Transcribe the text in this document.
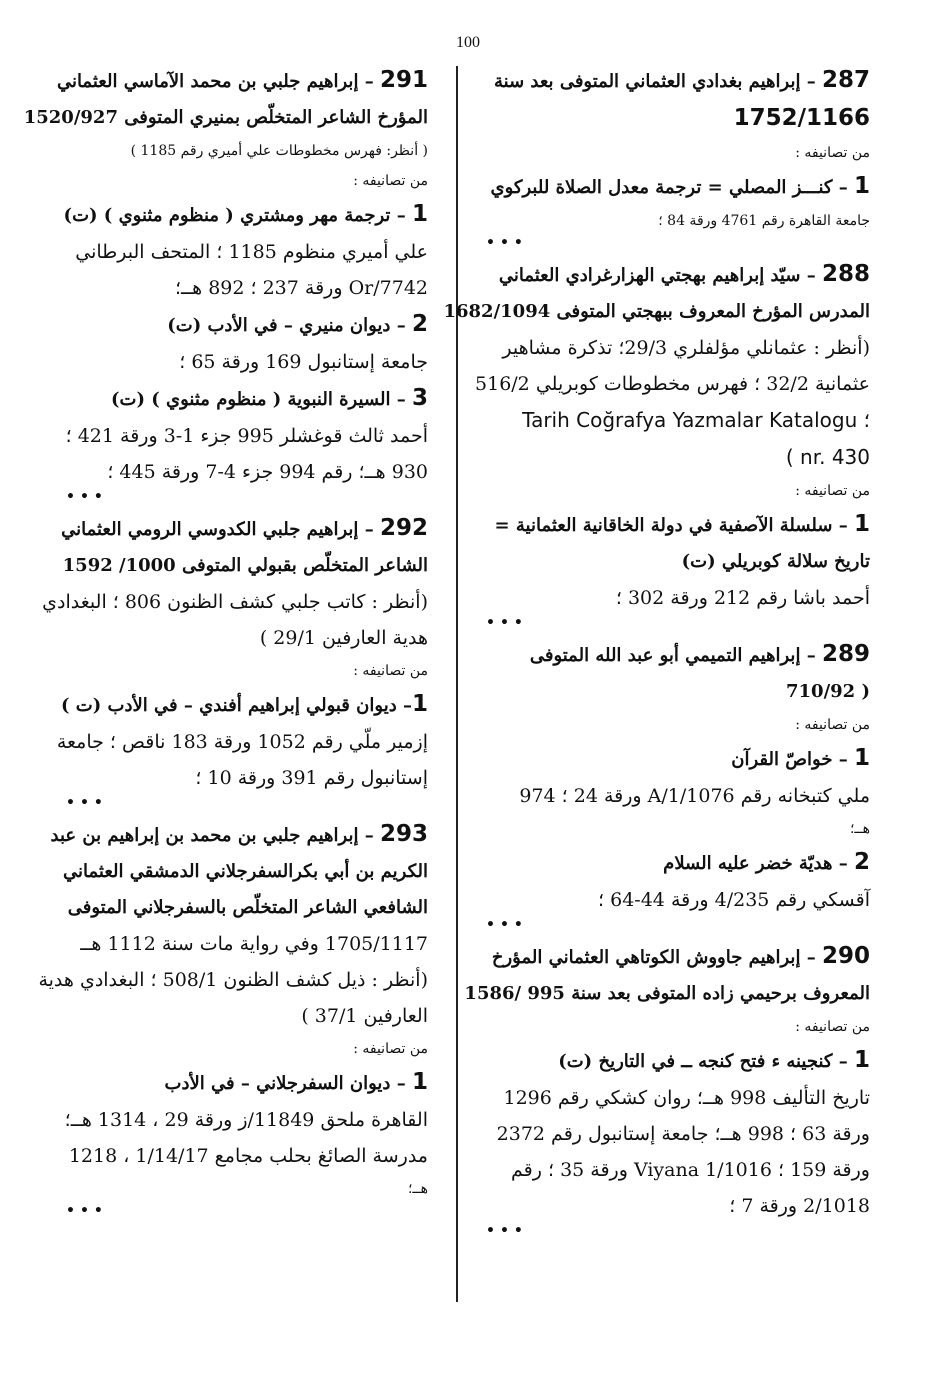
100
287 – إبراهيم بغدادي العثماني المتوفى بعد سنة
1752/1166
من تصانيفه :
1 – كنـــز المصلي = ترجمة معدل الصلاة للبركوي
جامعة القاهرة رقم 4761 ورقة 84 ؛
•••
288 – سيّد إبراهيم بهجتي الهزارغرادي العثماني
المدرس المؤرخ المعروف ببهجتي المتوفى 1682/1094
(أنظر : عثمانلي مؤلفلري 29/3؛ تذكرة مشاهير
عثمانية 32/2 ؛ فهرس مخطوطات كوبريلي 516/2
Tarih Coğrafya Yazmalar Katalogu ؛
( nr. 430
من تصانيفه :
1 – سلسلة الآصفية في دولة الخاقانية العثمانية =
تاريخ سلالة كوبريلي (ت)
أحمد باشا رقم 212 ورقة 302 ؛
•••
289 – إبراهيم التميمي أبو عبد الله المتوفى
( 710/92
من تصانيفه :
1 – خواصّ القرآن
ملي كتبخانه رقم 1/1076/A ورقة 24 ؛ 974
هــ؛
2 – هديّة خضر عليه السلام
آقسكي رقم 4/235 ورقة 44-64 ؛
•••
290 – إبراهيم جاووش الكوتاهي العثماني المؤرخ
المعروف برحيمي زاده المتوفى بعد سنة 995 /1586
من تصانيفه :
1 – كنجينه ء فتح كنجه ــ في التاريخ (ت)
تاريخ التأليف 998 هــ؛ روان كشكي رقم 1296
ورقة 63 ؛ 998 هــ؛ جامعة إستانبول رقم 2372
ورقة 159 ؛ Viyana 1/1016 ورقة 35 ؛ رقم
2/1018 ورقة 7 ؛
•••
291 – إبراهيم جلبي بن محمد الآماسي العثماني
المؤرخ الشاعر المتخلّص بمنيري المتوفى 1520/927
( أنظر: فهرس مخطوطات علي أميري رقم 1185 )
من تصانيفه :
1 – ترجمة مهر ومشتري ( منظوم مثنوي ) (ت)
علي أميري منظوم 1185 ؛ المتحف البرطاني
7742/Or ورقة 237 ؛ 892 هــ؛
2 – ديوان منيري – في الأدب (ت)
جامعة إستانبول 169 ورقة 65 ؛
3 – السيرة النبوية ( منظوم مثنوي ) (ت)
أحمد ثالث قوغشلر 995 جزء 1-3 ورقة 421 ؛
930 هــ؛ رقم 994 جزء 4-7 ورقة 445 ؛
•••
292 – إبراهيم جلبي الكدوسي الرومي العثماني
الشاعر المتخلّص بقبولي المتوفى 1000/ 1592
(أنظر : كاتب جلبي كشف الظنون 806 ؛ البغدادي
هدية العارفين 29/1 )
من تصانيفه :
1– ديوان قبولي إبراهيم أفندي – في الأدب (ت )
إزمير ملّي رقم 1052 ورقة 183 ناقص ؛ جامعة
إستانبول رقم 391 ورقة 10 ؛
•••
293 – إبراهيم جلبي بن محمد بن إبراهيم بن عبد
الكريم بن أبي بكرالسفرجلاني الدمشقي العثماني
الشافعي الشاعر المتخلّص بالسفرجلاني المتوفى
1705/1117 وفي رواية مات سنة 1112 هــ
(أنظر : ذيل كشف الظنون 508/1 ؛ البغدادي هدية
العارفين 37/1 )
من تصانيفه :
1 – ديوان السفرجلاني – في الأدب
القاهرة ملحق 11849/ز ورقة 29 ، 1314 هــ؛
مدرسة الصائغ بحلب مجامع 1/14/17 ، 1218
هــ؛
•••
